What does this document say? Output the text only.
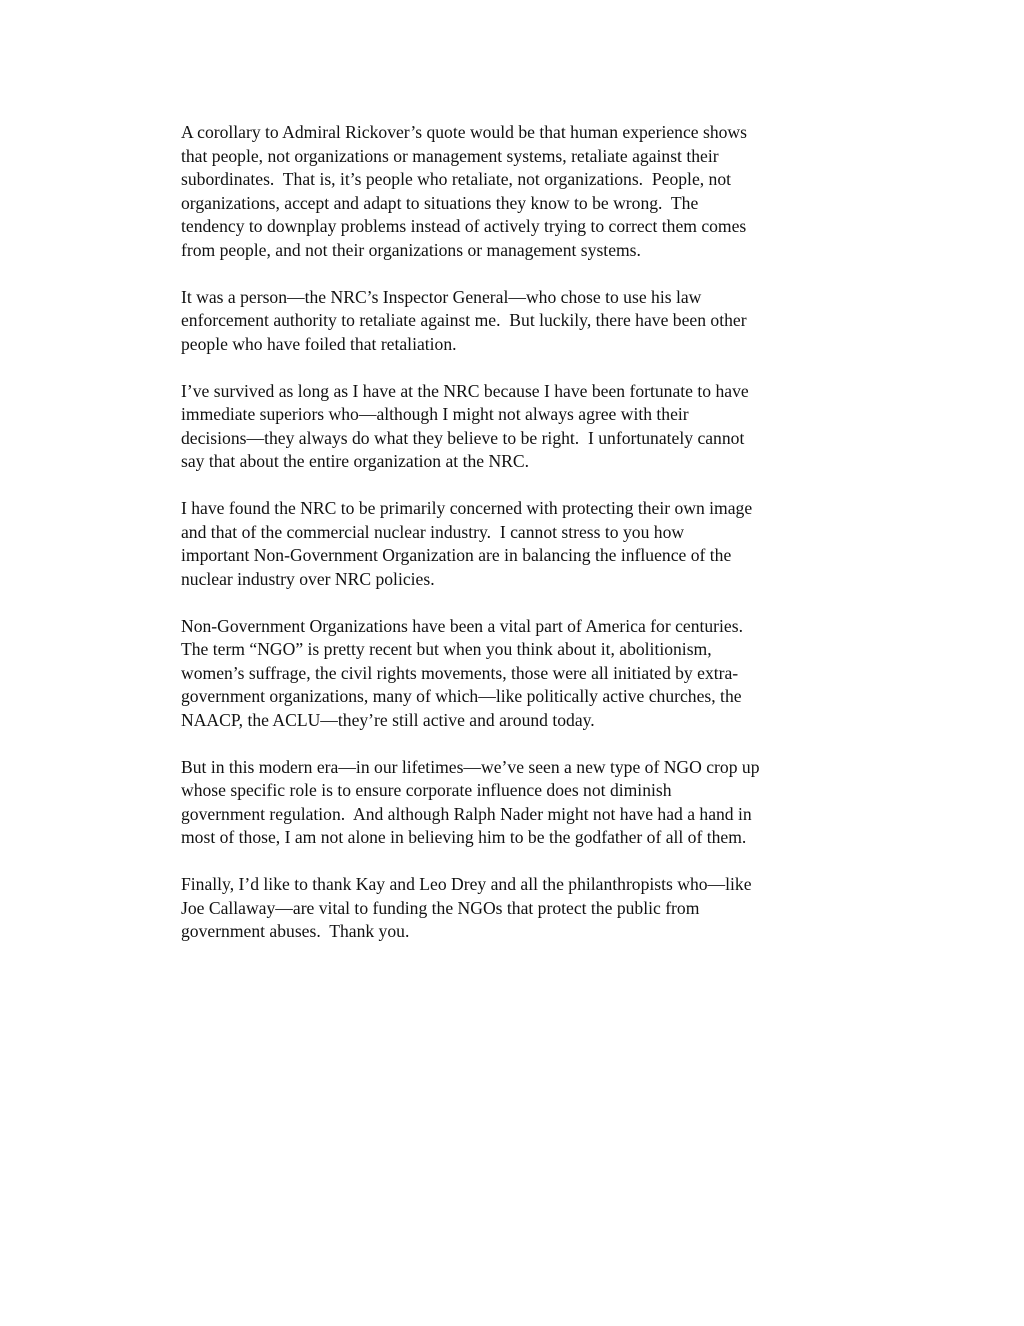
A corollary to Admiral Rickover’s quote would be that human experience shows
that people, not organizations or management systems, retaliate against their
subordinates.  That is, it’s people who retaliate, not organizations.  People, not
organizations, accept and adapt to situations they know to be wrong.  The
tendency to downplay problems instead of actively trying to correct them comes
from people, and not their organizations or management systems.
It was a person—the NRC’s Inspector General—who chose to use his law
enforcement authority to retaliate against me.  But luckily, there have been other
people who have foiled that retaliation.
I’ve survived as long as I have at the NRC because I have been fortunate to have
immediate superiors who—although I might not always agree with their
decisions—they always do what they believe to be right.  I unfortunately cannot
say that about the entire organization at the NRC.
I have found the NRC to be primarily concerned with protecting their own image
and that of the commercial nuclear industry.  I cannot stress to you how
important Non-Government Organization are in balancing the influence of the
nuclear industry over NRC policies.
Non-Government Organizations have been a vital part of America for centuries.
The term “NGO” is pretty recent but when you think about it, abolitionism,
women’s suffrage, the civil rights movements, those were all initiated by extra-
government organizations, many of which—like politically active churches, the
NAACP, the ACLU—they’re still active and around today.
But in this modern era—in our lifetimes—we’ve seen a new type of NGO crop up
whose specific role is to ensure corporate influence does not diminish
government regulation.  And although Ralph Nader might not have had a hand in
most of those, I am not alone in believing him to be the godfather of all of them.
Finally, I’d like to thank Kay and Leo Drey and all the philanthropists who—like
Joe Callaway—are vital to funding the NGOs that protect the public from
government abuses.  Thank you.
